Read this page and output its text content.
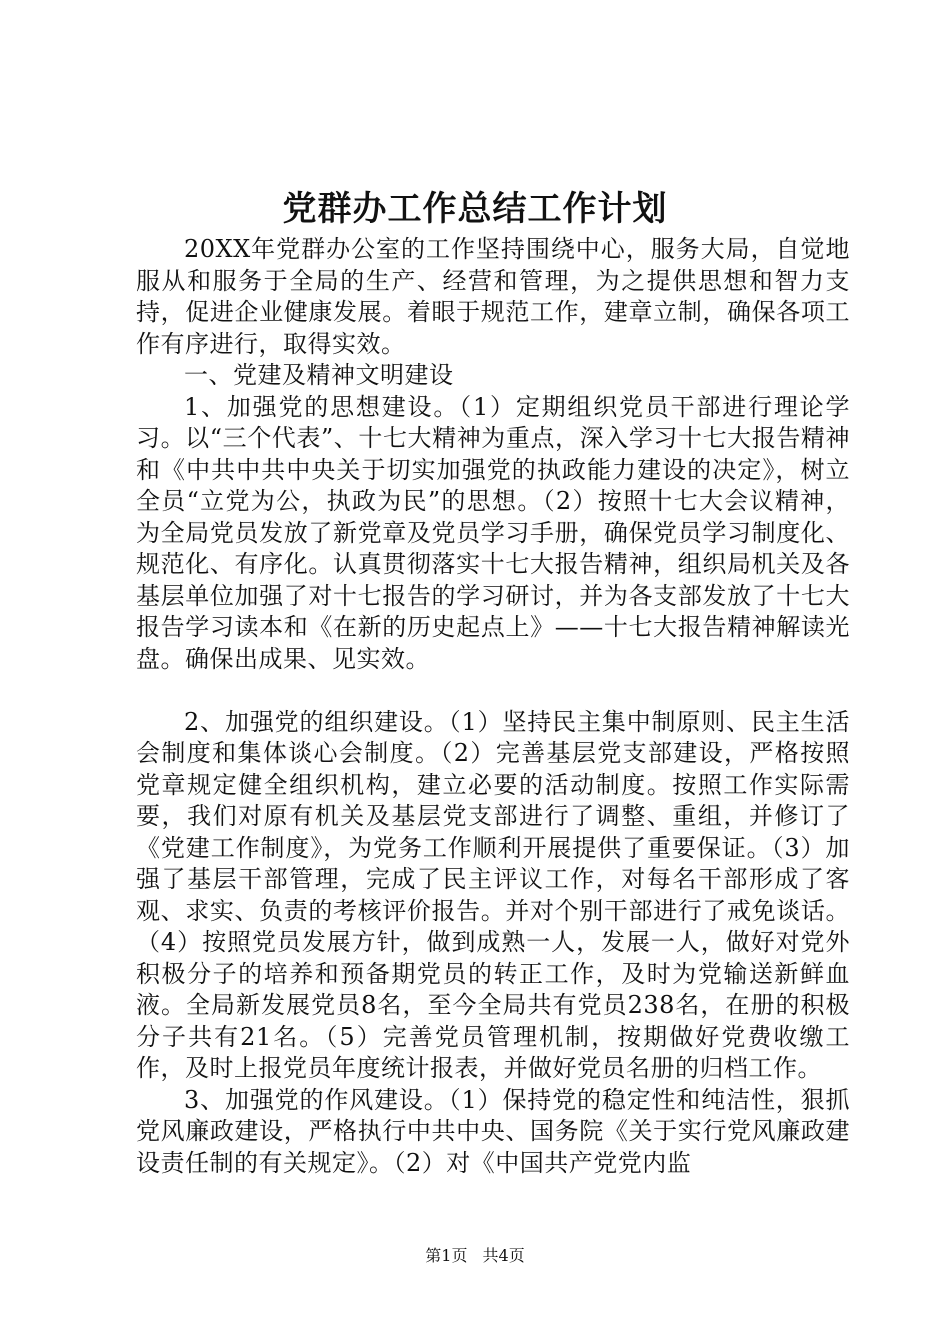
党群办工作总结工作计划

20XX年党群办公室的工作坚持围绕中心，服务大局，自觉地服从和服务于全局的生产、经营和管理，为之提供思想和智力支持，促进企业健康发展。着眼于规范工作，建章立制，确保各项工作有序进行，取得实效。

一、党建及精神文明建设

1、加强党的思想建设。（1）定期组织党员干部进行理论学习。以“三个代表”、十七大精神为重点，深入学习十七大报告精神和《中共中共中央关于切实加强党的执政能力建设的决定》，树立全员“立党为公，执政为民”的思想。（2）按照十七大会议精神，为全局党员发放了新党章及党员学习手册，确保党员学习制度化、规范化、有序化。认真贯彻落实十七大报告精神，组织局机关及各基层单位加强了对十七报告的学习研讨，并为各支部发放了十七大报告学习读本和《在新的历史起点上》——十七大报告精神解读光盘。确保出成果、见实效。

2、加强党的组织建设。（1）坚持民主集中制原则、民主生活会制度和集体谈心会制度。（2）完善基层党支部建设，严格按照党章规定健全组织机构，建立必要的活动制度。按照工作实际需要，我们对原有机关及基层党支部进行了调整、重组，并修订了《党建工作制度》，为党务工作顺利开展提供了重要保证。（3）加强了基层干部管理，完成了民主评议工作，对每名干部形成了客观、求实、负责的考核评价报告。并对个别干部进行了戒免谈话。（4）按照党员发展方针，做到成熟一人，发展一人，做好对党外积极分子的培养和预备期党员的转正工作，及时为党输送新鲜血液。全局新发展党员8名，至今全局共有党员238名，在册的积极分子共有21名。（5）完善党员管理机制，按期做好党费收缴工作，及时上报党员年度统计报表，并做好党员名册的归档工作。

3、加强党的作风建设。（1）保持党的稳定性和纯洁性，狠抓党风廉政建设，严格执行中共中央、国务院《关于实行党风廉政建设责任制的有关规定》。（2）对《中国共产党党内监

第1页 共4页
